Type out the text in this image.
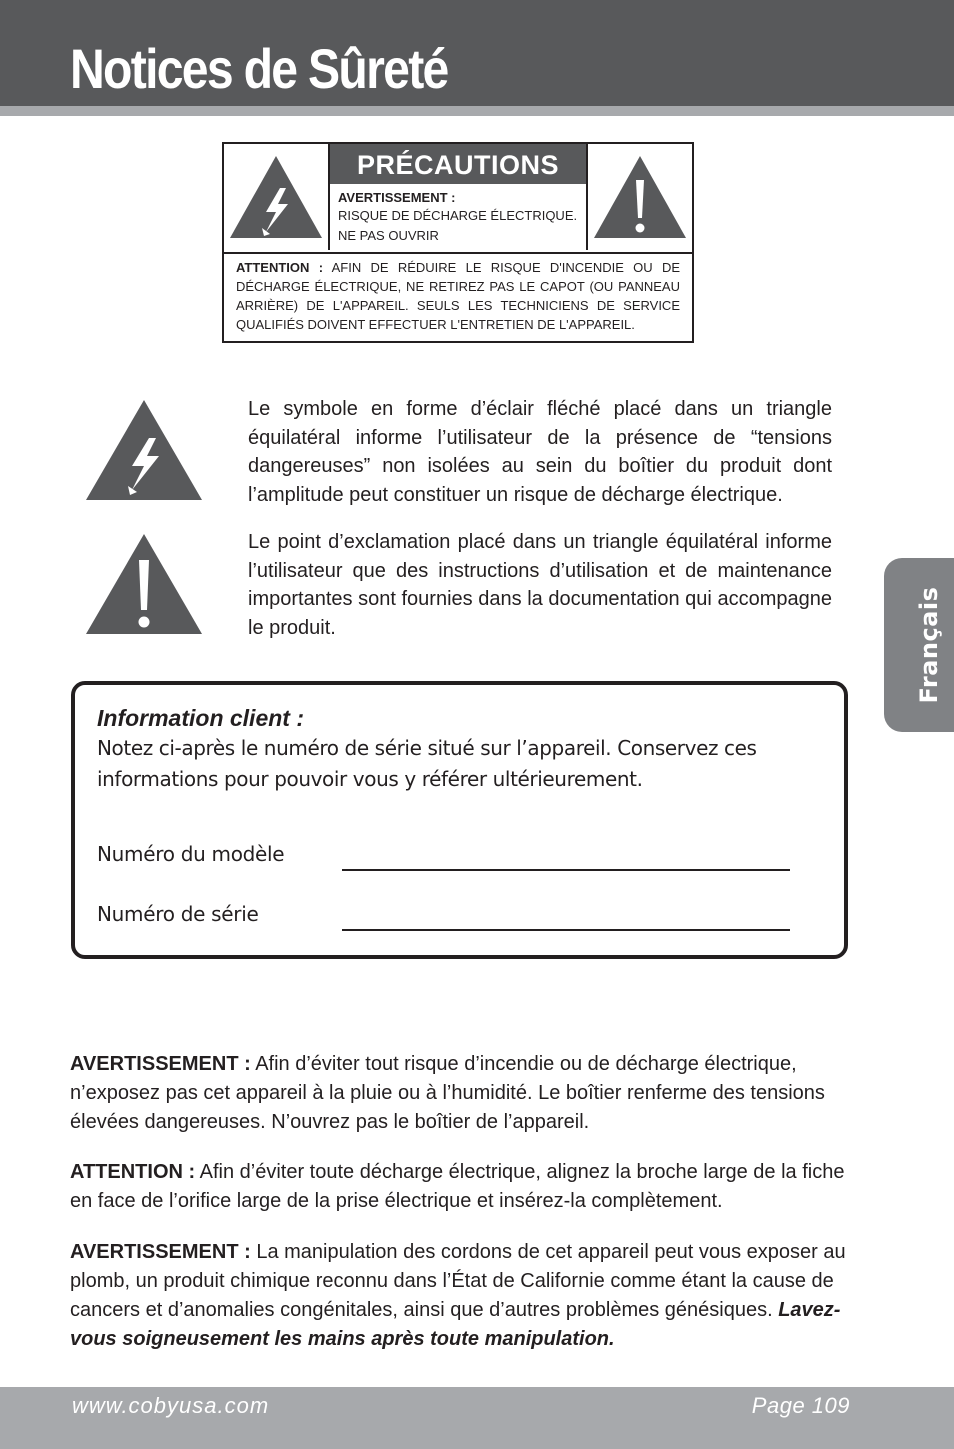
Notices de Sûreté
PRÉCAUTIONS
AVERTISSEMENT :
RISQUE DE DÉCHARGE ÉLECTRIQUE.
NE PAS OUVRIR
ATTENTION : AFIN DE RÉDUIRE LE RISQUE D'INCENDIE OU DE DÉCHARGE ÉLECTRIQUE, NE RETIREZ PAS LE CAPOT (OU PANNEAU ARRIÈRE) DE L'APPAREIL. SEULS LES TECHNICIENS DE SERVICE QUALIFIÉS DOIVENT EFFECTUER L'ENTRETIEN DE L'APPAREIL.

Le symbole en forme d’éclair fléché placé dans un triangle équilatéral informe l’utilisateur de la présence de “tensions dangereuses” non isolées au sein du boîtier du produit dont l’amplitude peut constituer un risque de décharge électrique.

Le point d’exclamation placé dans un triangle équilatéral informe l’utilisateur que des instructions d’utilisation et de maintenance importantes sont fournies dans la documentation qui accompagne le produit.

Information client :

Notez ci-après le numéro de série situé sur l’appareil. Conservez ces informations pour pouvoir vous y référer ultérieurement.

Numéro du modèle
Numéro de série
Français

AVERTISSEMENT : Afin d’éviter tout risque d’incendie ou de décharge électrique, n’exposez pas cet appareil à la pluie ou à l’humidité. Le boîtier renferme des tensions élevées dangereuses. N’ouvrez pas le boîtier de l’appareil.

ATTENTION : Afin d’éviter toute décharge électrique, alignez la broche large de la fiche en face de l’orifice large de la prise électrique et insérez-la complètement.

AVERTISSEMENT : La manipulation des cordons de cet appareil peut vous exposer au plomb, un produit chimique reconnu dans l’État de Californie comme étant la cause de cancers et d’anomalies congénitales, ainsi que d’autres problèmes génésiques. Lavez-vous soigneusement les mains après toute manipulation.

www.cobyusa.com	Page 109
